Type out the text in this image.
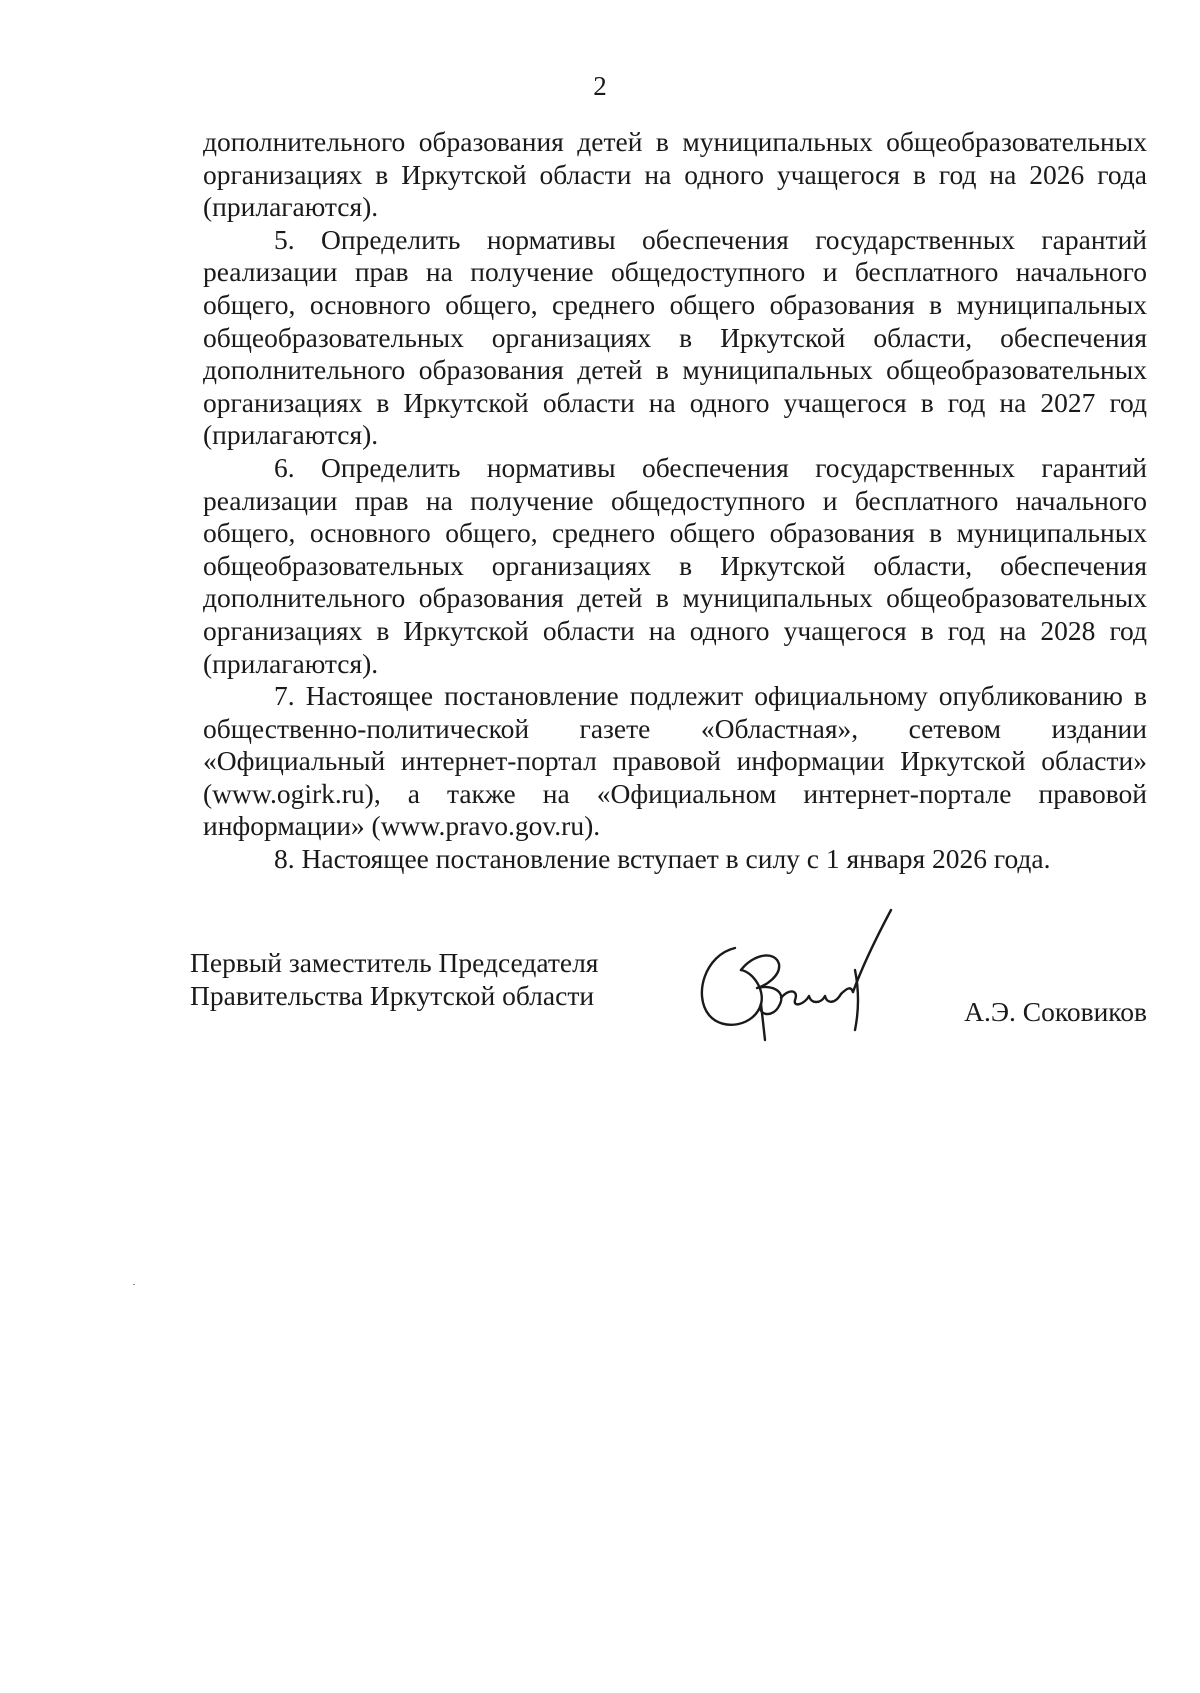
2

дополнительного образования детей в муниципальных общеобразовательных организациях в Иркутской области на одного учащегося в год на 2026 года (прилагаются).

5. Определить нормативы обеспечения государственных гарантий реализации прав на получение общедоступного и бесплатного начального общего, основного общего, среднего общего образования в муниципальных общеобразовательных организациях в Иркутской области, обеспечения дополнительного образования детей в муниципальных общеобразовательных организациях в Иркутской области на одного учащегося в год на 2027 год (прилагаются).

6. Определить нормативы обеспечения государственных гарантий реализации прав на получение общедоступного и бесплатного начального общего, основного общего, среднего общего образования в муниципальных общеобразовательных организациях в Иркутской области, обеспечения дополнительного образования детей в муниципальных общеобразовательных организациях в Иркутской области на одного учащегося в год на 2028 год (прилагаются).

7. Настоящее постановление подлежит официальному опубликованию в общественно-политической газете «Областная», сетевом издании «Официальный интернет-портал правовой информации Иркутской области» (www.ogirk.ru), а также на «Официальном интернет-портале правовой информации» (www.pravo.gov.ru).

8. Настоящее постановление вступает в силу с 1 января 2026 года.

Первый заместитель Председателя
Правительства Иркутской области
А.Э. Соковиков
